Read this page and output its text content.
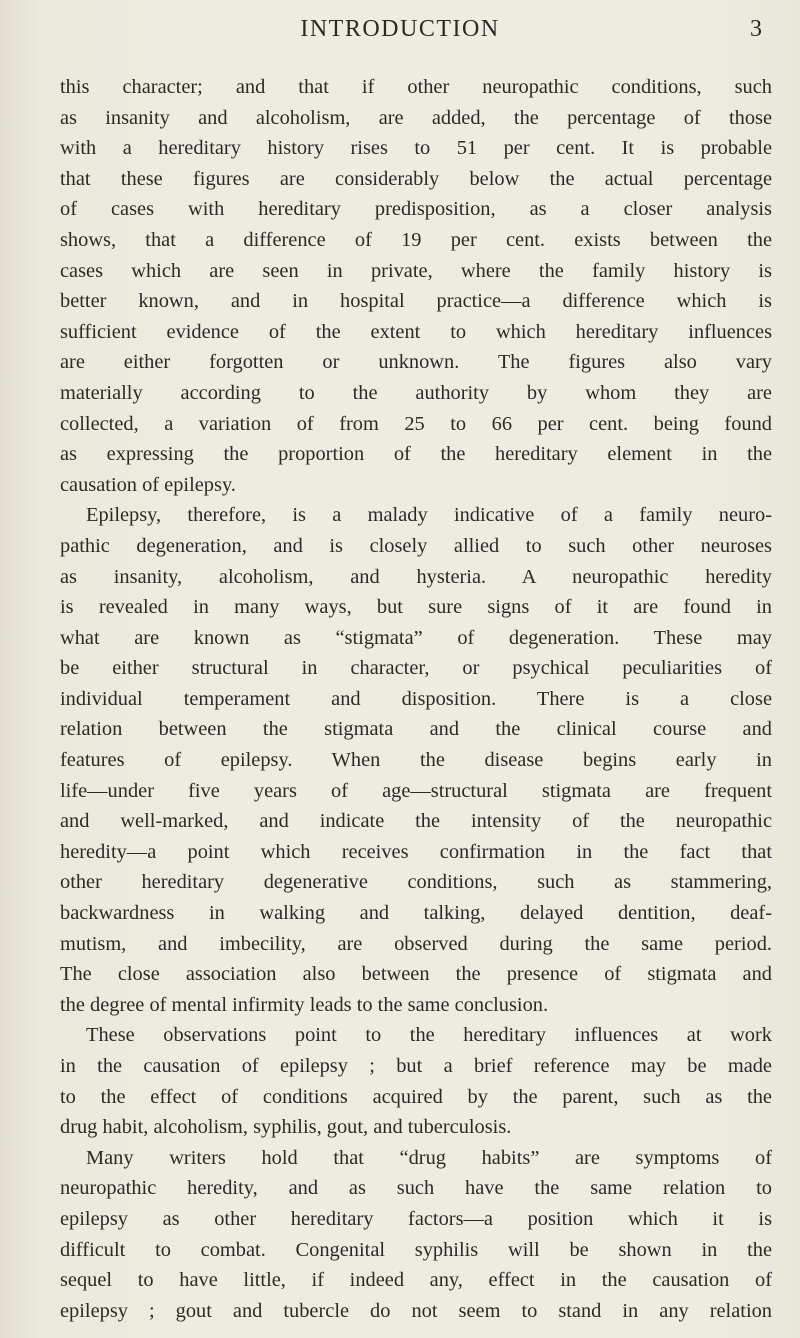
INTRODUCTION	3
this character; and that if other neuropathic conditions, such
as insanity and alcoholism, are added, the percentage of those
with a hereditary history rises to 51 per cent. It is probable
that these figures are considerably below the actual percentage
of cases with hereditary predisposition, as a closer analysis
shows, that a difference of 19 per cent. exists between the
cases which are seen in private, where the family history is
better known, and in hospital practice—a difference which is
sufficient evidence of the extent to which hereditary influences
are either forgotten or unknown. The figures also vary
materially according to the authority by whom they are
collected, a variation of from 25 to 66 per cent. being found
as expressing the proportion of the hereditary element in the
causation of epilepsy.
Epilepsy, therefore, is a malady indicative of a family neuro-
pathic degeneration, and is closely allied to such other neuroses
as insanity, alcoholism, and hysteria. A neuropathic heredity
is revealed in many ways, but sure signs of it are found in
what are known as “stigmata” of degeneration. These may
be either structural in character, or psychical peculiarities of
individual temperament and disposition. There is a close
relation between the stigmata and the clinical course and
features of epilepsy. When the disease begins early in
life—under five years of age—structural stigmata are frequent
and well-marked, and indicate the intensity of the neuropathic
heredity—a point which receives confirmation in the fact that
other hereditary degenerative conditions, such as stammering,
backwardness in walking and talking, delayed dentition, deaf-
mutism, and imbecility, are observed during the same period.
The close association also between the presence of stigmata and
the degree of mental infirmity leads to the same conclusion.
These observations point to the hereditary influences at work
in the causation of epilepsy ; but a brief reference may be made
to the effect of conditions acquired by the parent, such as the
drug habit, alcoholism, syphilis, gout, and tuberculosis.
Many writers hold that “drug habits” are symptoms of
neuropathic heredity, and as such have the same relation to
epilepsy as other hereditary factors—a position which it is
difficult to combat. Congenital syphilis will be shown in the
sequel to have little, if indeed any, effect in the causation of
epilepsy ; gout and tubercle do not seem to stand in any relation
